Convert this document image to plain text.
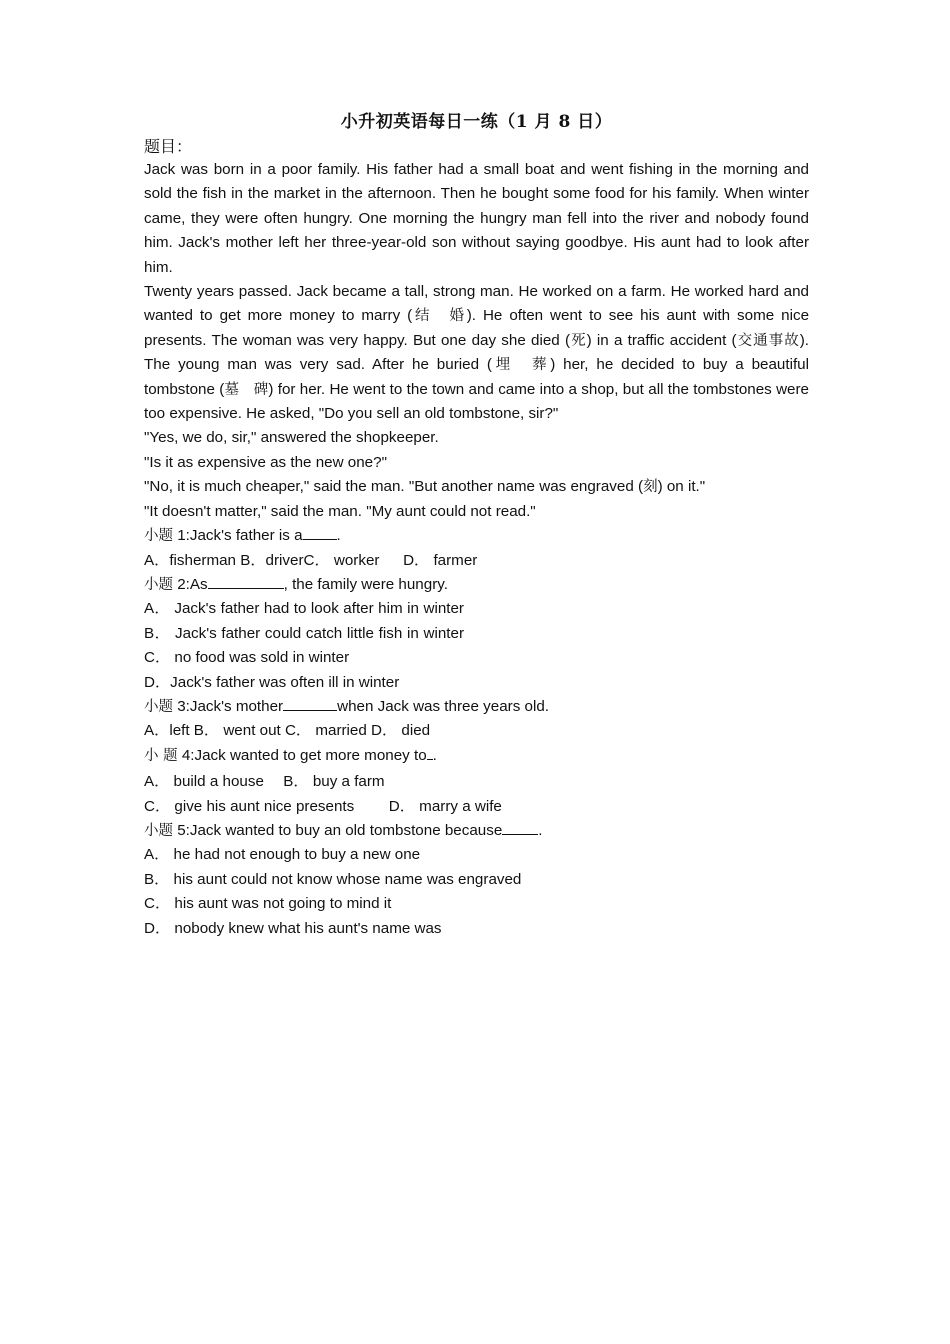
小升初英语每日一练（1 月 8 日）

题目：

Jack was born in a poor family. His father had a small boat and went fishing in the morning and sold the fish in the market in the afternoon. Then he bought some food for his family. When winter came, they were often hungry. One morning the hungry man fell into the river and nobody found him. Jack's mother left her three-year-old son without saying goodbye. His aunt had to look after him.

Twenty years passed. Jack became a tall, strong man. He worked on a farm. He worked hard and wanted to get more money to marry (结　婚). He often went to see his aunt with some nice presents. The woman was very happy. But one day she died (死) in a traffic accident (交通事故). The young man was very sad. After he buried (埋　葬) her, he decided to buy a beautiful tombstone (墓　碑) for her. He went to the town and came into a shop, but all the tombstones were too expensive. He asked, "Do you sell an old tombstone, sir?"

"Yes, we do, sir," answered the shopkeeper.

"Is it as expensive as the new one?"

"No, it is much cheaper," said the man. "But another name was engraved (刻) on it."

"It doesn't matter," said the man. "My aunt could not read."

小题 1:Jack's father is a .

A．fisherman B．driverC． worker 　 D． farmer

小题 2:As	, the family were hungry.

A． Jack's father had to look after him in winter B． Jack's father could catch little fish in winter C． no food was sold in winter

D．Jack's father was often ill in winter

小题 3:Jack's mother	when Jack was three years old.

A．left B． went out C． married D． died

小 题 4:Jack wanted to get more money to .

A． build a house 　B． buy a farm

C． give his aunt nice presents 　　D． marry a wife

小题 5:Jack wanted to buy an old tombstone because .

A． he had not enough to buy a new one

B． his aunt could not know whose name was engraved

C． his aunt was not going to mind it

D． nobody knew what his aunt's name was
